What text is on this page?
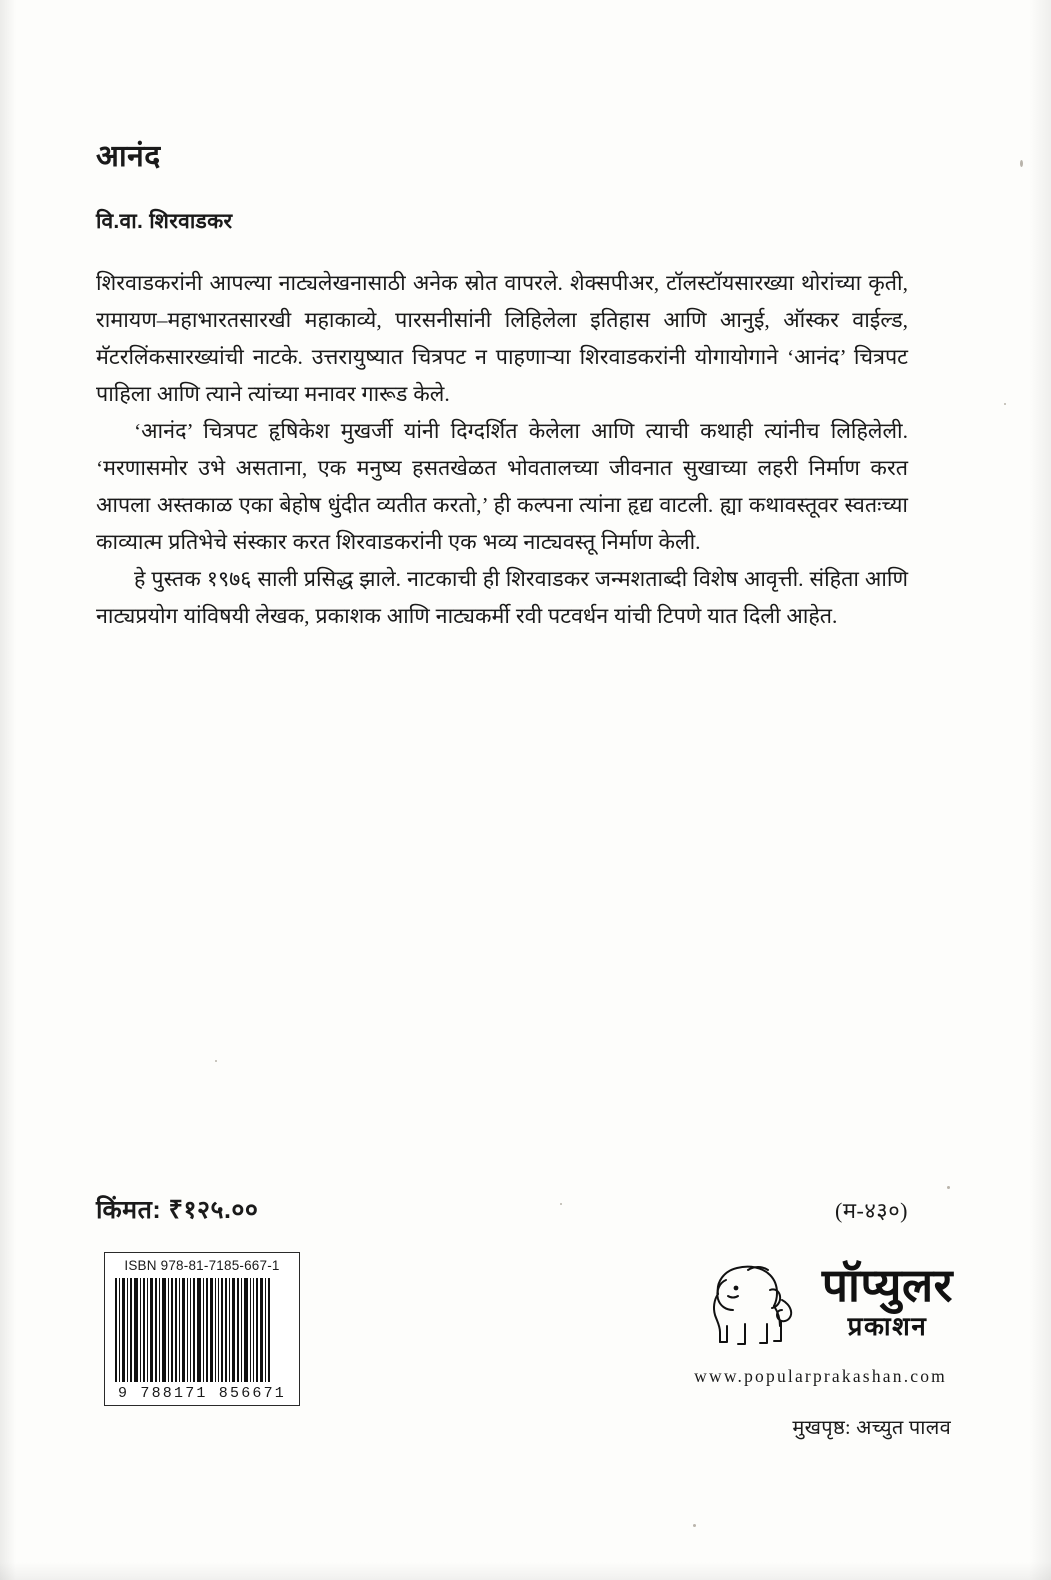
आनंद
वि.वा. शिरवाडकर

शिरवाडकरांनी आपल्या नाट्यलेखनासाठी अनेक स्रोत वापरले. शेक्सपीअर, टॉलस्टॉयसारख्या थोरांच्या कृती, रामायण–महाभारतसारखी महाकाव्ये, पारसनीसांनी लिहिलेला इतिहास आणि आनुई, ऑस्कर वाईल्ड, मॅटरलिंकसारख्यांची नाटके. उत्तरायुष्यात चित्रपट न पाहणाऱ्या शिरवाडकरांनी योगायोगाने ‘आनंद’ चित्रपट पाहिला आणि त्याने त्यांच्या मनावर गारूड केले.

‘आनंद’ चित्रपट हृषिकेश मुखर्जी यांनी दिग्दर्शित केलेला आणि त्याची कथाही त्यांनीच लिहिलेली. ‘मरणासमोर उभे असताना, एक मनुष्य हसतखेळत भोवतालच्या जीवनात सुखाच्या लहरी निर्माण करत आपला अस्तकाळ एका बेहोष धुंदीत व्यतीत करतो,’ ही कल्पना त्यांना हृद्य वाटली. ह्या कथावस्तूवर स्वतःच्या काव्यात्म प्रतिभेचे संस्कार करत शिरवाडकरांनी एक भव्य नाट्यवस्तू निर्माण केली.

हे पुस्तक १९७६ साली प्रसिद्ध झाले. नाटकाची ही शिरवाडकर जन्मशताब्दी विशेष आवृत्ती. संहिता आणि नाट्यप्रयोग यांविषयी लेखक, प्रकाशक आणि नाट्यकर्मी रवी पटवर्धन यांची टिपणे यात दिली आहेत.

किंमत: ₹१२५.००	(म-४३०)
ISBN 978-81-7185-667-1
9 788171 856671
पॉप्युलर
प्रकाशन
www.popularprakashan.com
मुखपृष्ठ: अच्युत पालव
